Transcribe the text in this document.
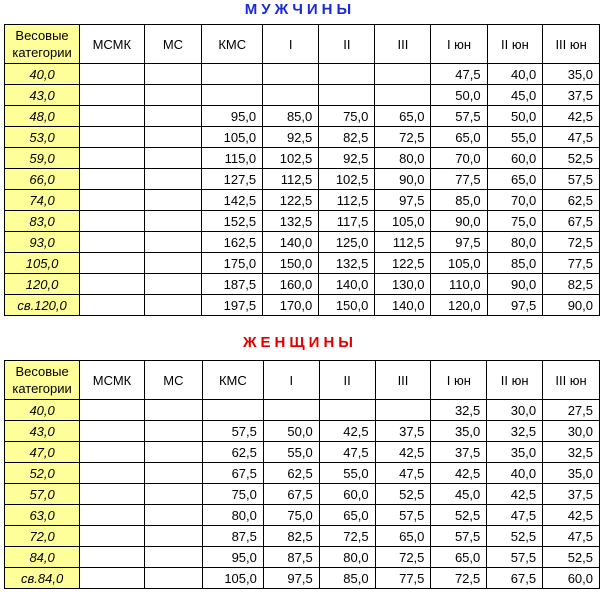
МУЖЧИНЫ
Весовые
категории	МСМК	МС	КМС	I	II	III	I юн	II юн	III юн
40,0							47,5	40,0	35,0
43,0							50,0	45,0	37,5
48,0			95,0	85,0	75,0	65,0	57,5	50,0	42,5
53,0			105,0	92,5	82,5	72,5	65,0	55,0	47,5
59,0			115,0	102,5	92,5	80,0	70,0	60,0	52,5
66,0			127,5	112,5	102,5	90,0	77,5	65,0	57,5
74,0			142,5	122,5	112,5	97,5	85,0	70,0	62,5
83,0			152,5	132,5	117,5	105,0	90,0	75,0	67,5
93,0			162,5	140,0	125,0	112,5	97,5	80,0	72,5
105,0			175,0	150,0	132,5	122,5	105,0	85,0	77,5
120,0			187,5	160,0	140,0	130,0	110,0	90,0	82,5
св.120,0			197,5	170,0	150,0	140,0	120,0	97,5	90,0
ЖЕНЩИНЫ
Весовые
категории	МСМК	МС	КМС	I	II	III	I юн	II юн	III юн
40,0							32,5	30,0	27,5
43,0			57,5	50,0	42,5	37,5	35,0	32,5	30,0
47,0			62,5	55,0	47,5	42,5	37,5	35,0	32,5
52,0			67,5	62,5	55,0	47,5	42,5	40,0	35,0
57,0			75,0	67,5	60,0	52,5	45,0	42,5	37,5
63,0			80,0	75,0	65,0	57,5	52,5	47,5	42,5
72,0			87,5	82,5	72,5	65,0	57,5	52,5	47,5
84,0			95,0	87,5	80,0	72,5	65,0	57,5	52,5
св.84,0			105,0	97,5	85,0	77,5	72,5	67,5	60,0
